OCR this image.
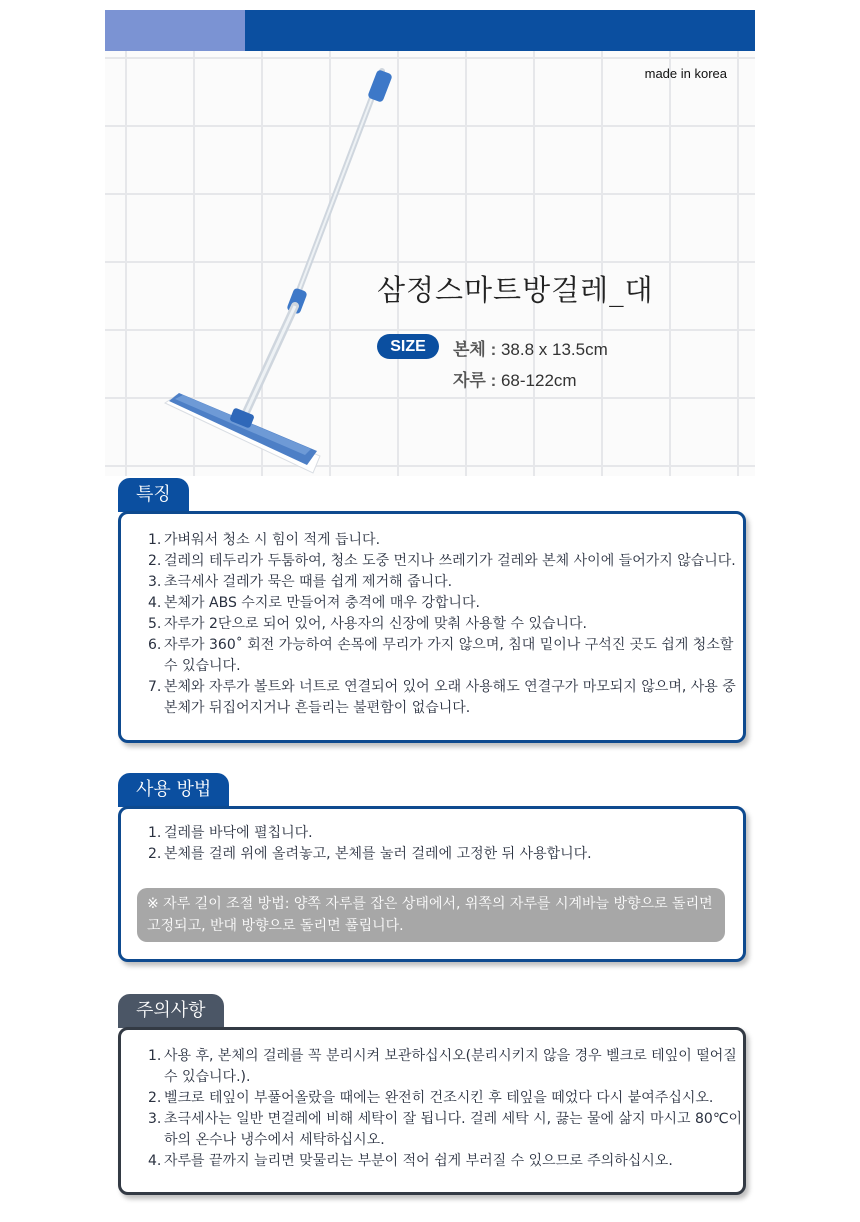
made in korea
삼정스마트방걸레_대
SIZE	본체 : 38.8 x 13.5cm
자루 : 68-122cm
특징
1. 가벼워서 청소 시 힘이 적게 듭니다.
2. 걸레의 테두리가 두툼하여, 청소 도중 먼지나 쓰레기가 걸레와 본체 사이에 들어가지 않습니다.
3. 초극세사 걸레가 묵은 때를 쉽게 제거해 줍니다.
4. 본체가 ABS 수지로 만들어져 충격에 매우 강합니다.
5. 자루가 2단으로 되어 있어, 사용자의 신장에 맞춰 사용할 수 있습니다.
6. 자루가 360˚ 회전 가능하여 손목에 무리가 가지 않으며, 침대 밑이나 구석진 곳도 쉽게 청소할 수 있습니다.
7. 본체와 자루가 볼트와 너트로 연결되어 있어 오래 사용해도 연결구가 마모되지 않으며, 사용 중 본체가 뒤집어지거나 흔들리는 불편함이 없습니다.
사용 방법
1. 걸레를 바닥에 펼칩니다.
2. 본체를 걸레 위에 올려놓고, 본체를 눌러 걸레에 고정한 뒤 사용합니다.
※ 자루 길이 조절 방법: 양쪽 자루를 잡은 상태에서, 위쪽의 자루를 시계바늘 방향으로 돌리면 고정되고, 반대 방향으로 돌리면 풀립니다.
주의사항
1. 사용 후, 본체의 걸레를 꼭 분리시켜 보관하십시오(분리시키지 않을 경우 벨크로 테잎이 떨어질 수 있습니다.).
2. 벨크로 테잎이 부풀어올랐을 때에는 완전히 건조시킨 후 테잎을 떼었다 다시 붙여주십시오.
3. 초극세사는 일반 면걸레에 비해 세탁이 잘 됩니다. 걸레 세탁 시, 끓는 물에 삶지 마시고 80℃이하의 온수나 냉수에서 세탁하십시오.
4. 자루를 끝까지 늘리면 맞물리는 부분이 적어 쉽게 부러질 수 있으므로 주의하십시오.
